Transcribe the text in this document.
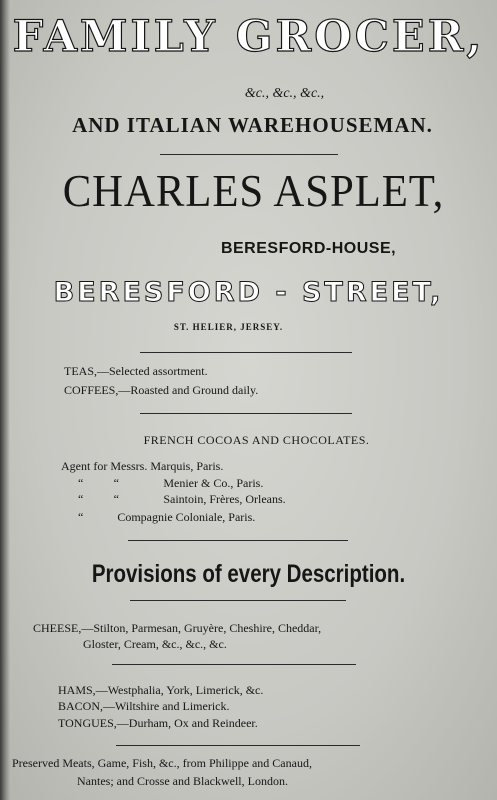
FAMILY GROCER,
&c., &c., &c.,
AND ITALIAN WAREHOUSEMAN.
CHARLES ASPLET,
BERESFORD-HOUSE,
BERESFORD - STREET,
ST. HELIER, JERSEY.
TEAS,—Selected assortment.
COFFEES,—Roasted and Ground daily.
FRENCH COCOAS AND CHOCOLATES.
Agent for Messrs. Marquis, Paris.
“	“	Menier & Co., Paris.
“	“	Saintoin, Frères, Orleans.
“	Compagnie Coloniale, Paris.
Provisions of every Description.
CHEESE,—Stilton, Parmesan, Gruyère, Cheshire, Cheddar,
Gloster, Cream, &c., &c., &c.
HAMS,—Westphalia, York, Limerick, &c.
BACON,—Wiltshire and Limerick.
TONGUES,—Durham, Ox and Reindeer.
Preserved Meats, Game, Fish, &c., from Philippe and Canaud,
Nantes; and Crosse and Blackwell, London.
